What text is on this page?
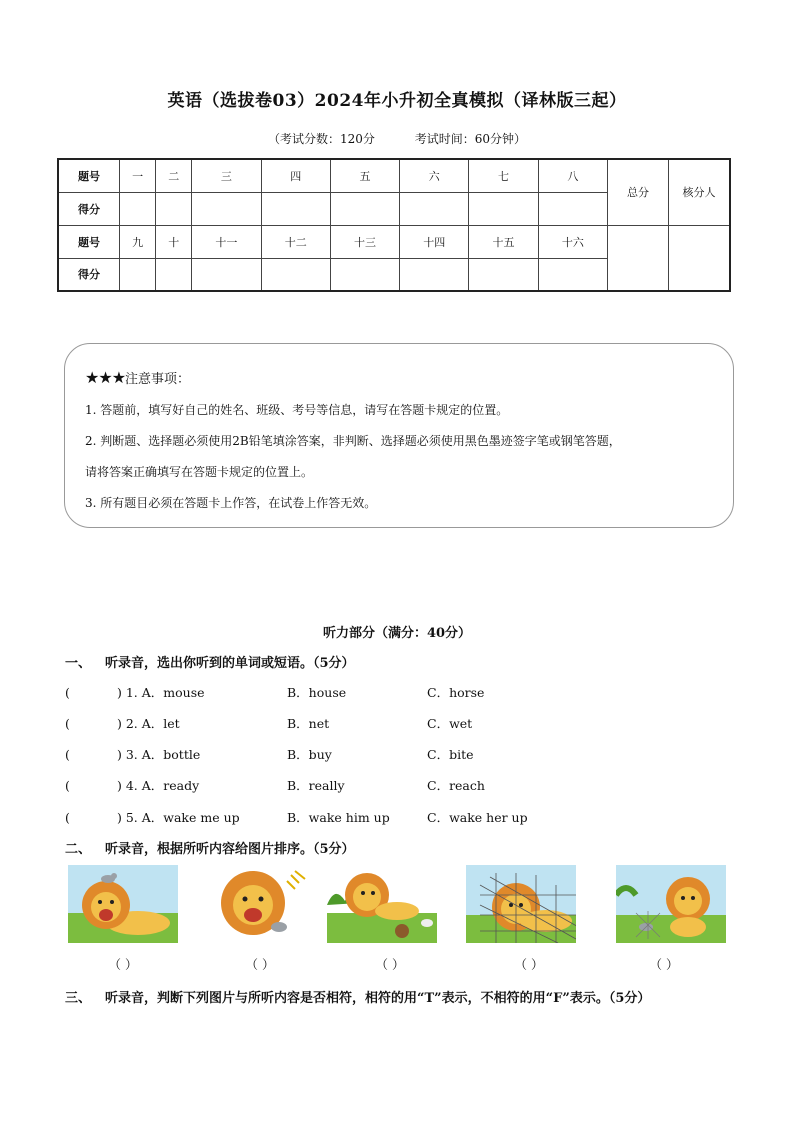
英语（选拔卷03）2024年小升初全真模拟（译林版三起）
（考试分数：120分	考试时间：60分钟）
题号	一	二	三	四	五	六	七	八	总分	核分人
得分										
题号	九	十	十一	十二	十三	十四	十五	十六		
得分										

★★★注意事项：

1. 答题前，填写好自己的姓名、班级、考号等信息，请写在答题卡规定的位置。

2. 判断题、选择题必须使用2B铅笔填涂答案，非判断、选择题必须使用黑色墨迹签字笔或钢笔答题，

请将答案正确填写在答题卡规定的位置上。

3. 所有题目必须在答题卡上作答，在试卷上作答无效。

听力部分（满分：40分）
一、 听录音，选出你听到的单词或短语。（5分）
(	) 1. A．mouse	B．house	C．horse
(	) 2. A．let	B．net	C．wet
(	) 3. A．bottle	B．buy	C．bite
(	) 4. A．ready	B．really	C．reach
(	) 5. A．wake me up	B．wake him up	C．wake her up
二、 听录音，根据所听内容给图片排序。（5分）
（ ）	（ ）	（ ）	（ ）	（ ）
三、 听录音，判断下列图片与所听内容是否相符，相符的用“T”表示，不相符的用“F”表示。（5分）
